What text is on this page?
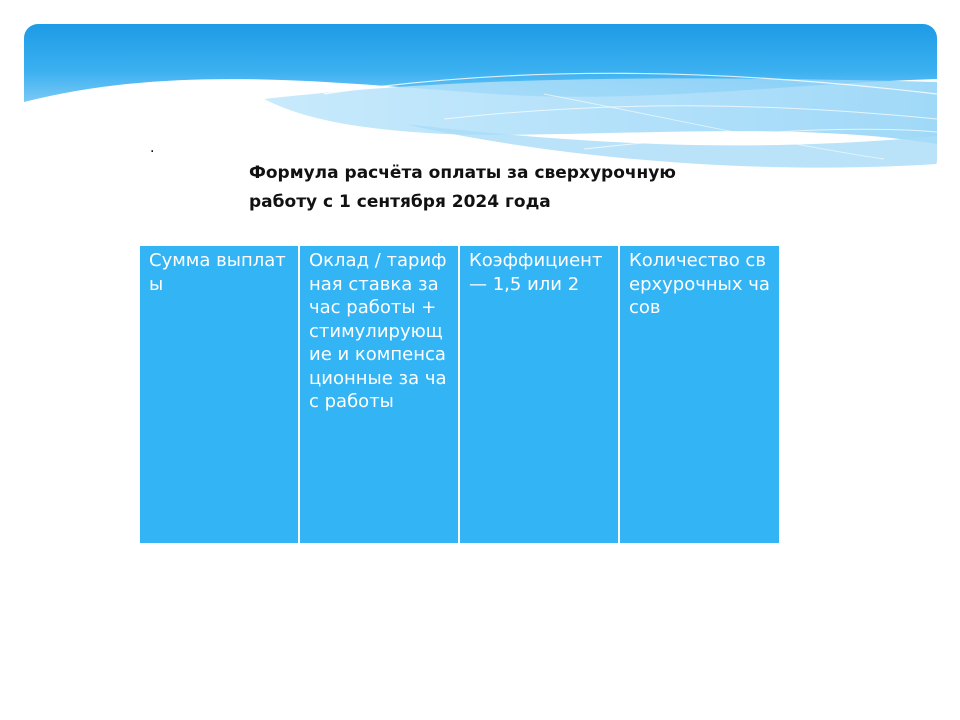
.
Формула расчёта оплаты за сверхурочную
работу с 1 сентября 2024 года
Сумма выплаты
Оклад / тарифная ставка за час работы + стимулирующие и компенсационные за час работы
Коэффициент — 1,5 или 2
Количество сверхурочных часов
